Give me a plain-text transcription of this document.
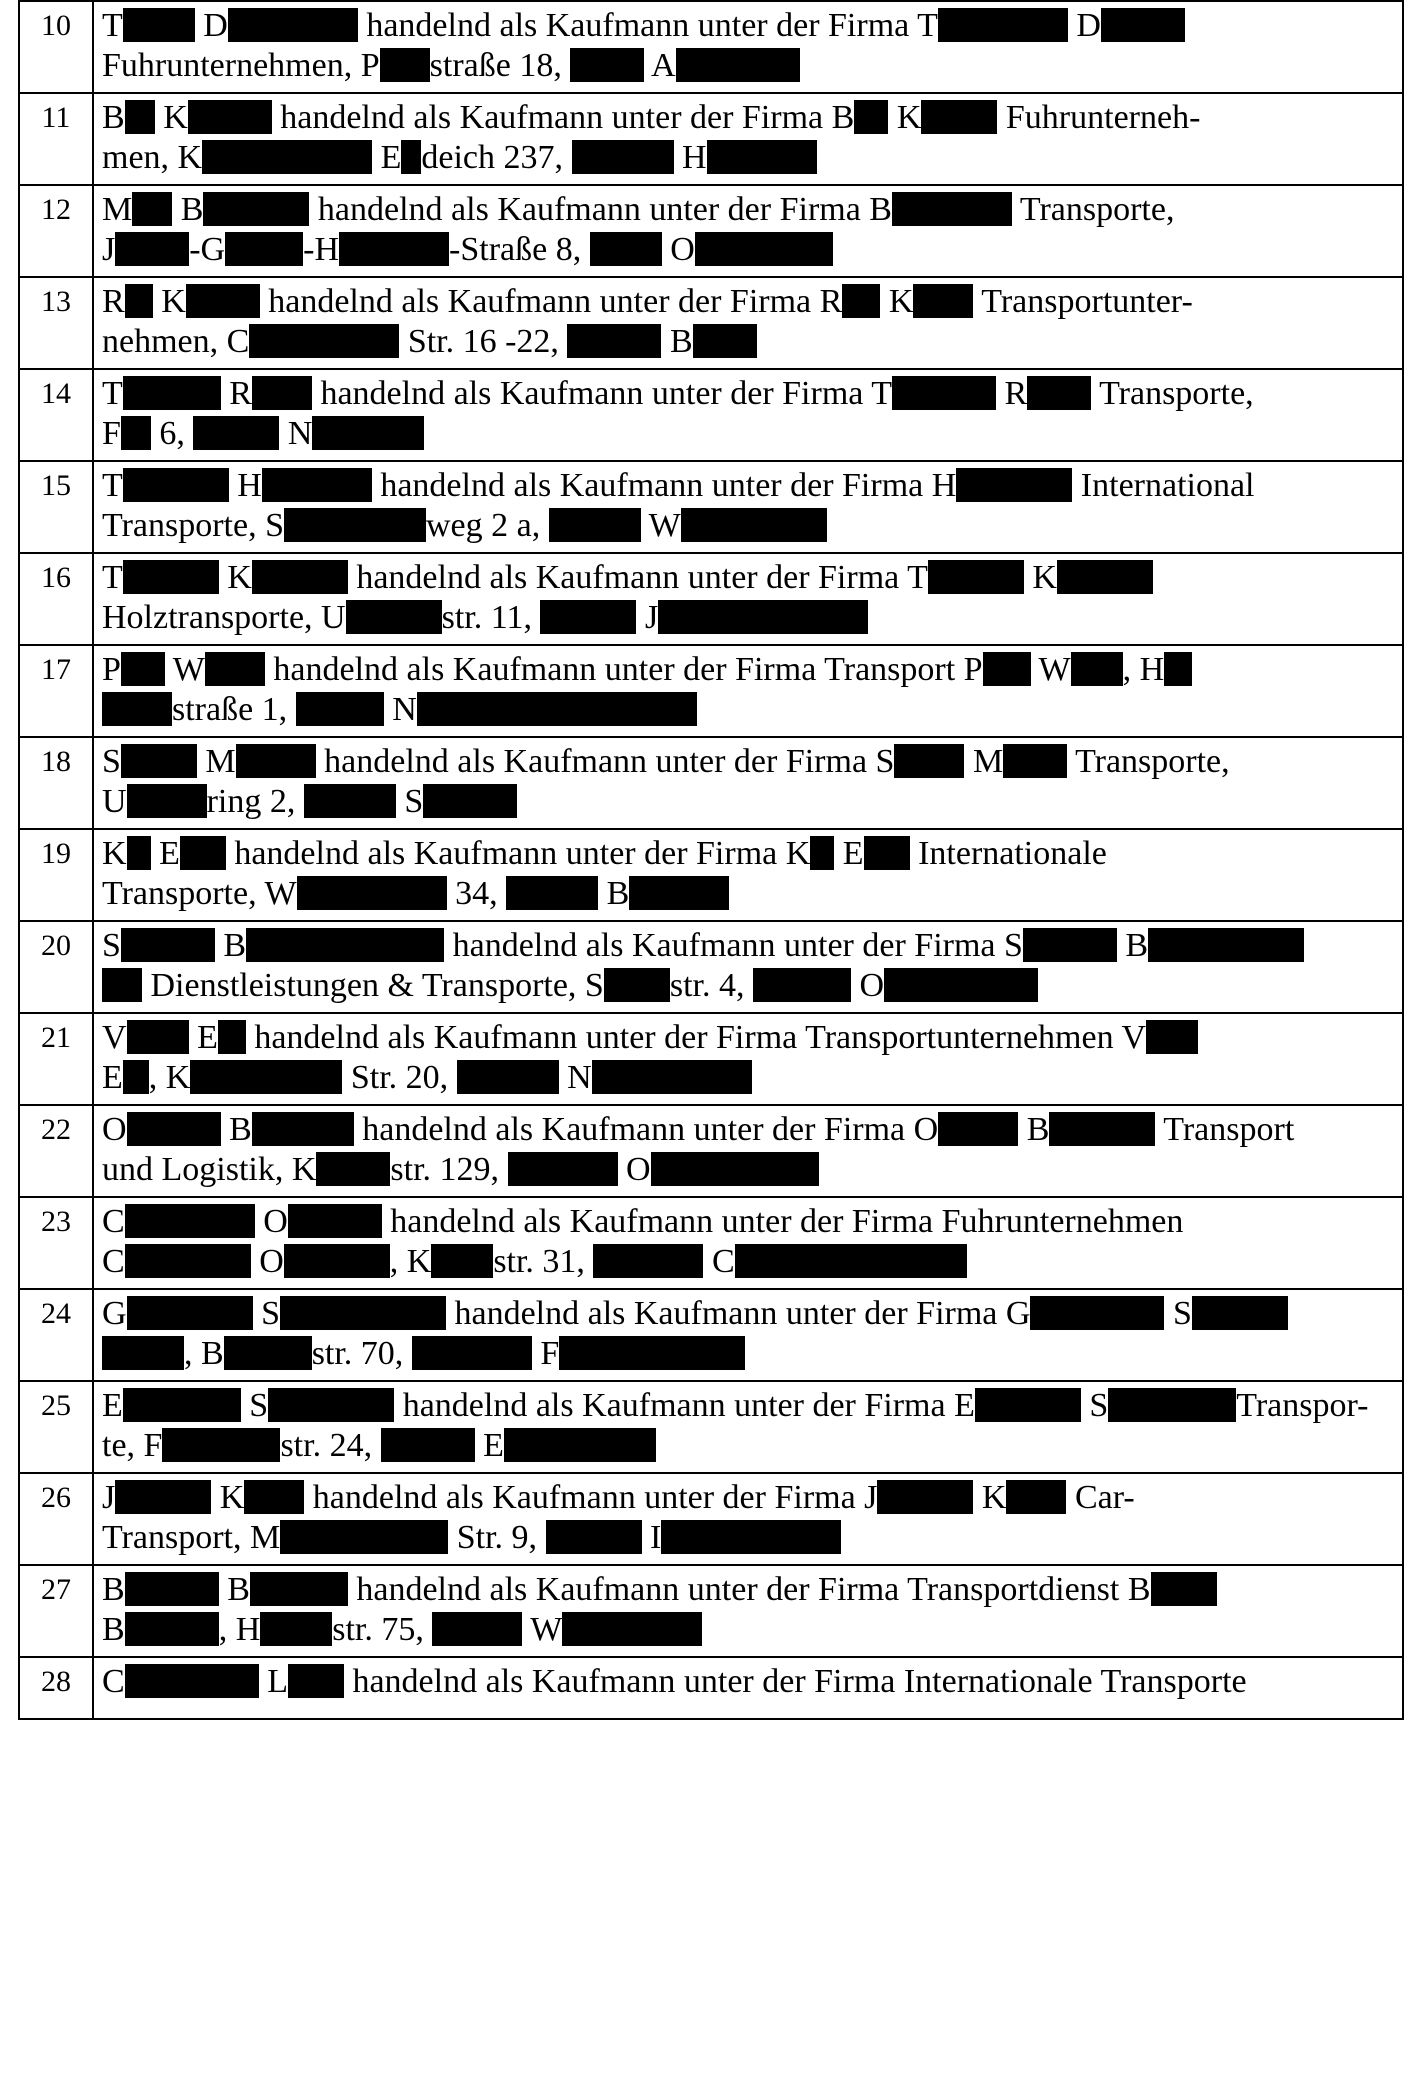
10	T D handelnd als Kaufmann unter der Firma T D
Fuhrunternehmen, P straße 18,  A

11	B K handelnd als Kaufmann unter der Firma B K Fuhrunterneh-
men, K E deich 237, H

12	M B handelnd als Kaufmann unter der Firma B Transporte,
J -G -H -Straße 8,  O

13	R K handelnd als Kaufmann unter der Firma R K Transportunter-
nehmen, C Str. 16 -22, B

14	T R handelnd als Kaufmann unter der Firma T R Transporte,
F 6, N

15	T H handelnd als Kaufmann unter der Firma H International
Transporte, S weg 2 a, W

16	T K handelnd als Kaufmann unter der Firma T K
Holztransporte, U str. 11, J

17	P W handelnd als Kaufmann unter der Firma Transport P W , H
straße 1, N

18	S M handelnd als Kaufmann unter der Firma S M Transporte,
U ring 2, S

19	K E handelnd als Kaufmann unter der Firma K E Internationale
Transporte, W 34, B

20	S B handelnd als Kaufmann unter der Firma S B
Dienstleistungen & Transporte, S str. 4, O

21	V E handelnd als Kaufmann unter der Firma Transportunternehmen V
E , K Str. 20, N

22	O B handelnd als Kaufmann unter der Firma O B Transport
und Logistik, K str. 129, O

23	C O handelnd als Kaufmann unter der Firma Fuhrunternehmen
C O , K str. 31, C

24	G S handelnd als Kaufmann unter der Firma G S
, B str. 70, F

25	E S handelnd als Kaufmann unter der Firma E S Transpor-
te, F str. 24, E

26	J K handelnd als Kaufmann unter der Firma J K Car-
Transport, M Str. 9, I

27	B B handelnd als Kaufmann unter der Firma Transportdienst B
B , H str. 75, W

28	C L handelnd als Kaufmann unter der Firma Internationale Transporte
